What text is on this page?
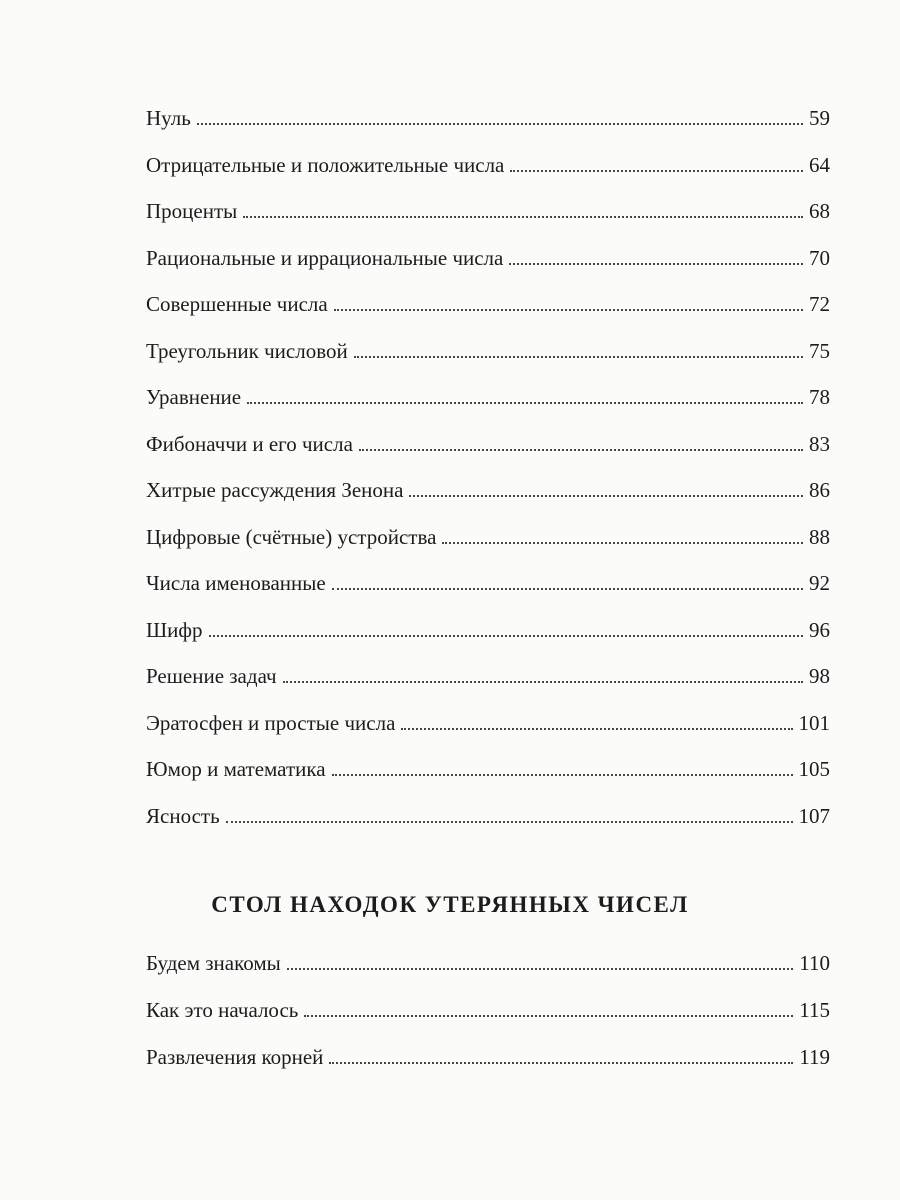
Нуль	59
Отрицательные и положительные числа	64
Проценты	68
Рациональные и иррациональные числа	70
Совершенные числа	72
Треугольник числовой	75
Уравнение	78
Фибоначчи и его числа	83
Хитрые рассуждения Зенона	86
Цифровые (счётные) устройства	88
Числа именованные	92
Шифр	96
Решение задач	98
Эратосфен и простые числа	101
Юмор и математика	105
Ясность	107
СТОЛ НАХОДОК УТЕРЯННЫХ ЧИСЕЛ
Будем знакомы	110
Как это началось	115
Развлечения корней	119
